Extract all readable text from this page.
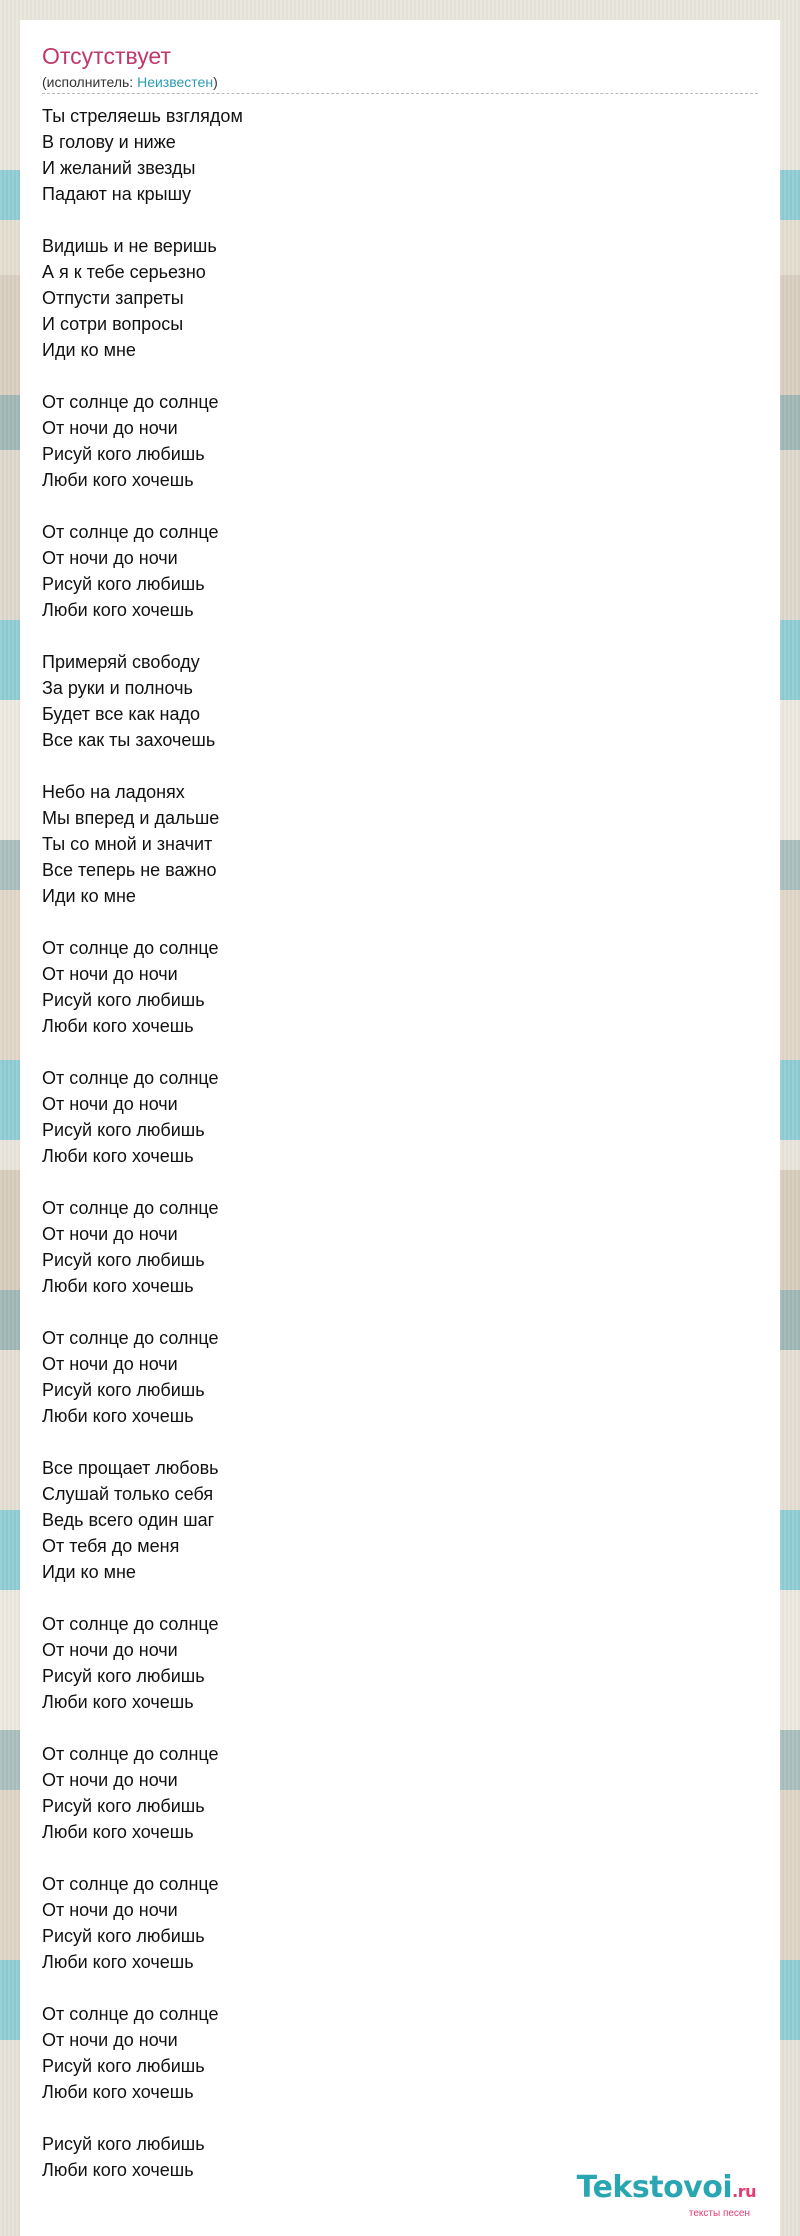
Отсутствует
(исполнитель: Неизвестен)
Ты стреляешь взглядом
В голову и ниже
И желаний звезды
Падают на крышу
Видишь и не веришь
А я к тебе серьезно
Отпусти запреты
И сотри вопросы
Иди ко мне
От солнце до солнце
От ночи до ночи
Рисуй кого любишь
Люби кого хочешь
От солнце до солнце
От ночи до ночи
Рисуй кого любишь
Люби кого хочешь
Примеряй свободу
За руки и полночь
Будет все как надо
Все как ты захочешь
Небо на ладонях
Мы вперед и дальше
Ты со мной и значит
Все теперь не важно
Иди ко мне
От солнце до солнце
От ночи до ночи
Рисуй кого любишь
Люби кого хочешь
От солнце до солнце
От ночи до ночи
Рисуй кого любишь
Люби кого хочешь
От солнце до солнце
От ночи до ночи
Рисуй кого любишь
Люби кого хочешь
От солнце до солнце
От ночи до ночи
Рисуй кого любишь
Люби кого хочешь
Все прощает любовь
Слушай только себя
Ведь всего один шаг
От тебя до меня
Иди ко мне
От солнце до солнце
От ночи до ночи
Рисуй кого любишь
Люби кого хочешь
От солнце до солнце
От ночи до ночи
Рисуй кого любишь
Люби кого хочешь
От солнце до солнце
От ночи до ночи
Рисуй кого любишь
Люби кого хочешь
От солнце до солнце
От ночи до ночи
Рисуй кого любишь
Люби кого хочешь
Рисуй кого любишь
Люби кого хочешь	Tekstovoi.ru
тексты песен
